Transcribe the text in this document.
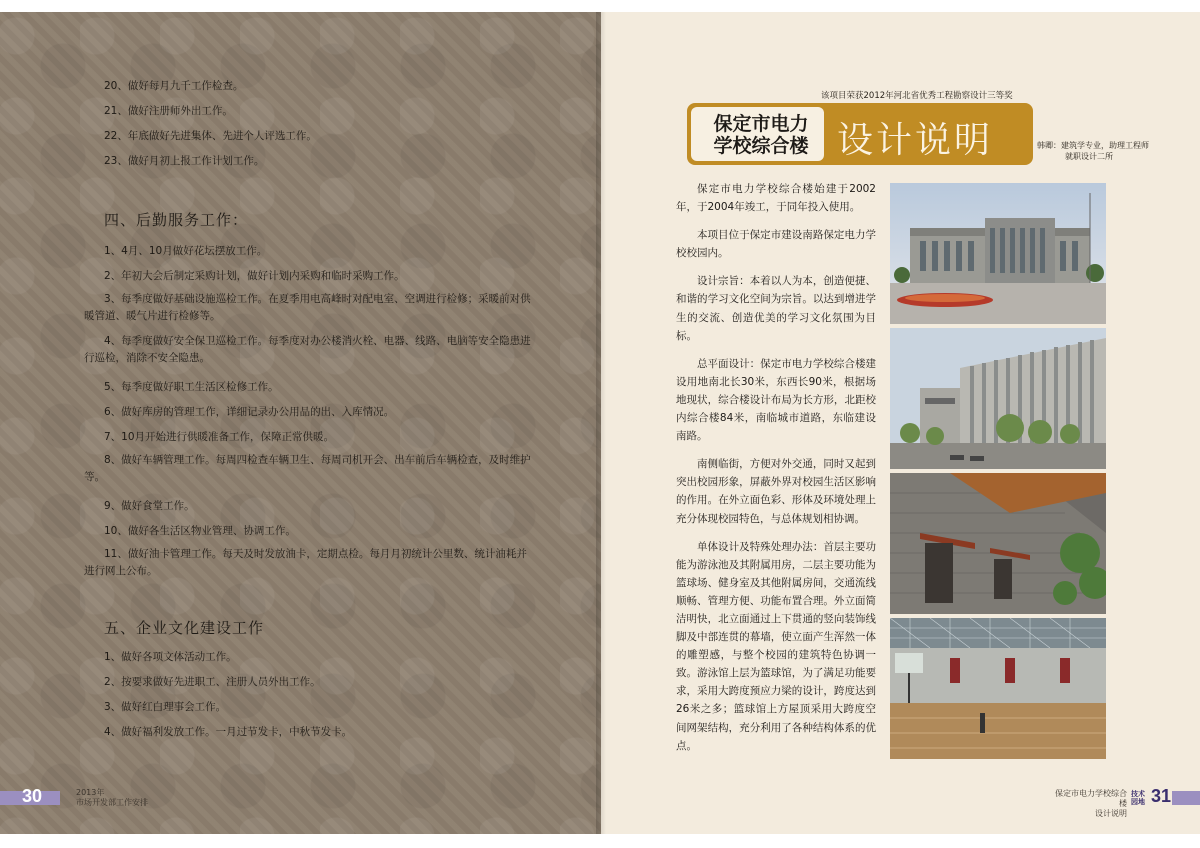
20、做好每月九千工作检查。
21、做好注册师外出工作。
22、年底做好先进集体、先进个人评选工作。
23、做好月初上报工作计划工作。
四、后勤服务工作：
1、4月、10月做好花坛摆放工作。
2、年初大会后制定采购计划，做好计划内采购和临时采购工作。
3、每季度做好基础设施巡检工作。在夏季用电高峰时对配电室、空调进行检修；采暖前对供暖管道、暖气片进行检修等。
4、每季度做好安全保卫巡检工作。每季度对办公楼消火栓、电器、线路、电脑等安全隐患进行巡检，消除不安全隐患。
5、每季度做好职工生活区检修工作。
6、做好库房的管理工作，详细记录办公用品的出、入库情况。
7、10月开始进行供暖准备工作，保障正常供暖。
8、做好车辆管理工作。每周四检查车辆卫生、每周司机开会、出车前后车辆检查，及时维护等。
9、做好食堂工作。
10、做好各生活区物业管理、协调工作。
11、做好油卡管理工作。每天及时发放油卡，定期点检。每月月初统计公里数、统计油耗并进行网上公布。
五、企业文化建设工作
1、做好各项文体活动工作。
2、按要求做好先进职工、注册人员外出工作。
3、做好红白理事会工作。
4、做好福利发放工作。一月过节发卡，中秋节发卡。
30	2013年
市场开发部工作安排
该项目荣获2012年河北省优秀工程勘察设计三等奖
保定市电力
学校综合楼 设计说明	韩卿：建筑学专业，助理工程师
就职设计二所

保定市电力学校综合楼始建于2002年，于2004年竣工，于同年投入使用。

本项目位于保定市建设南路保定电力学校校园内。

设计宗旨：本着以人为本，创造便捷、和谐的学习文化空间为宗旨。以达到增进学生的交流、创造优美的学习文化氛围为目标。

总平面设计：保定市电力学校综合楼建设用地南北长30米，东西长90米，根据场地现状，综合楼设计布局为长方形，北距校内综合楼84米，南临城市道路，东临建设南路。

南侧临街，方便对外交通，同时又起到突出校园形象，屏蔽外界对校园生活区影响的作用。在外立面色彩、形体及环境处理上充分体现校园特色，与总体规划相协调。

单体设计及特殊处理办法：首层主要功能为游泳池及其附属用房，二层主要功能为篮球场、健身室及其他附属房间，交通流线顺畅、管理方便、功能布置合理。外立面简洁明快，北立面通过上下贯通的竖向装饰线脚及中部连贯的幕墙，使立面产生浑然一体的雕塑感，与整个校园的建筑特色协调一致。游泳馆上层为篮球馆，为了满足功能要求，采用大跨度预应力梁的设计，跨度达到26米之多；篮球馆上方屋顶采用大跨度空间网架结构，充分利用了各种结构体系的优点。

保定市电力学校综合楼
设计说明
技术
园地 31
